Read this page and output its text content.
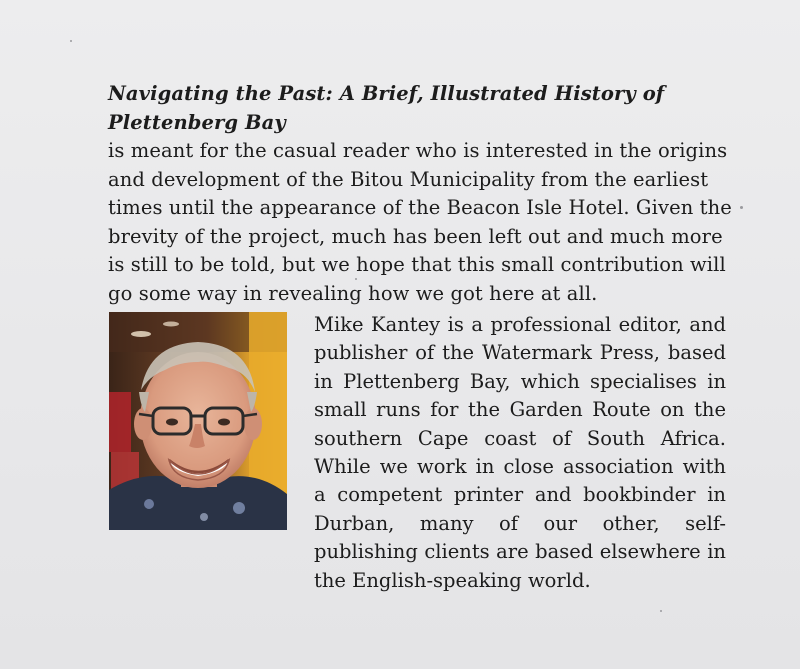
Navigating the Past: A Brief, Illustrated History of Plettenberg Bay
is meant for the casual reader who is interested in the origins and development of the Bitou Municipality from the earliest times until the appearance of the Beacon Isle Hotel. Given the brevity of the project, much has been left out and much more is still to be told, but we hope that this small contribution will go some way in revealing how we got here at all.

Mike Kantey is a professional editor, and publisher of the Watermark Press, based in Plettenberg Bay, which specialises in small runs for the Garden Route on the southern Cape coast of South Africa. While we work in close association with a competent printer and bookbinder in Durban, many of our other, self-publishing clients are based elsewhere in the English-speaking world.
